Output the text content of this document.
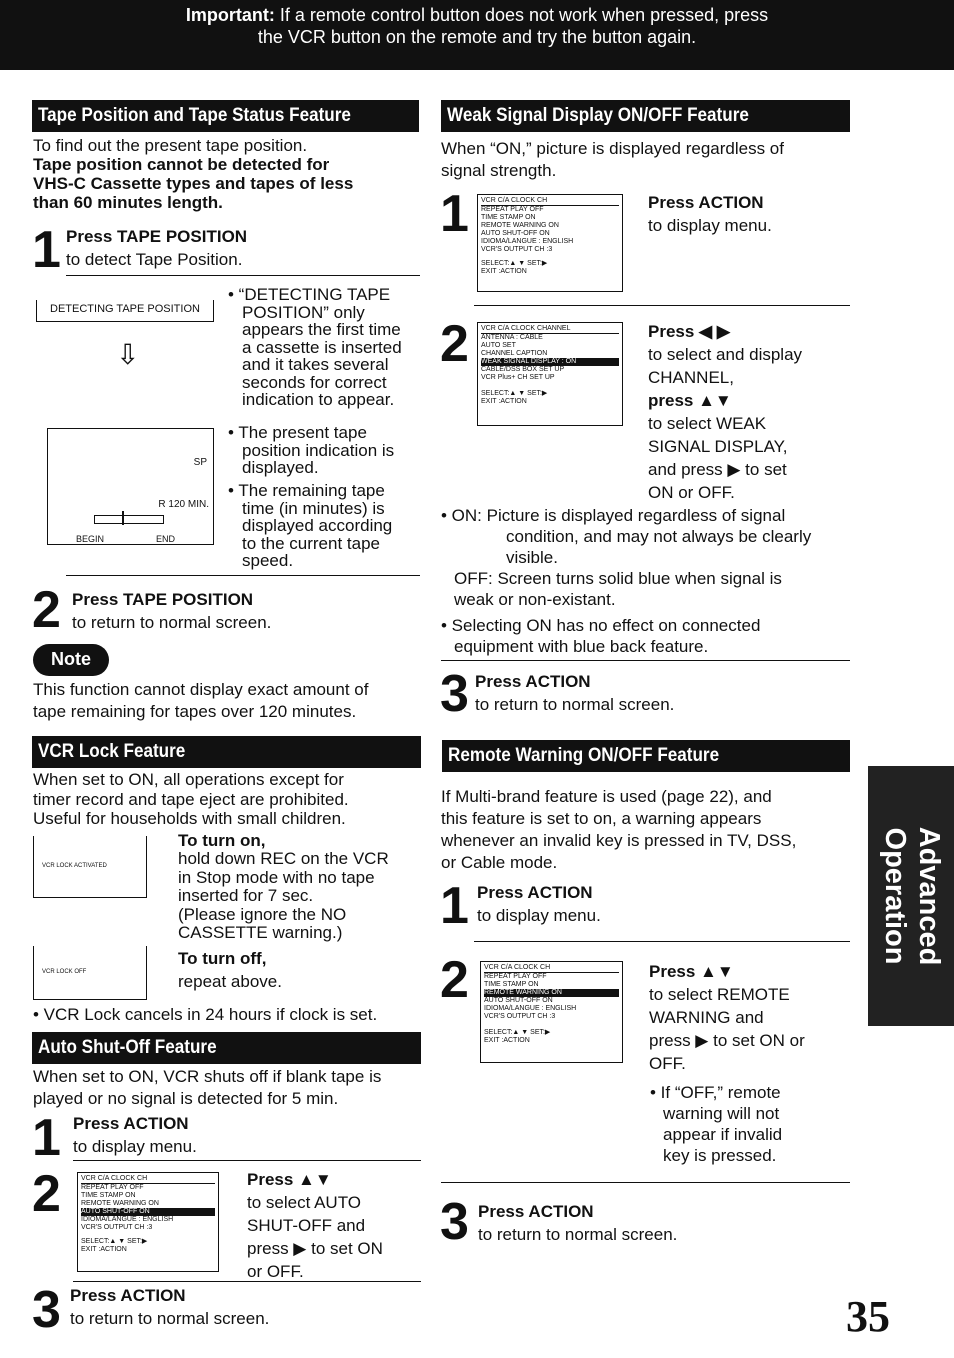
Important: If a remote control button does not work when pressed, press
the VCR button on the remote and try the button again.
Tape Position and Tape Status Feature
To find out the present tape position.
Tape position cannot be detected for
VHS-C Cassette types and tapes of less
than 60 minutes length.
1 Press TAPE POSITION
to detect Tape Position.
DETECTING TAPE POSITION
⇩
• “DETECTING TAPE
POSITION” only
appears the first time
a cassette is inserted
and it takes several
seconds for correct
indication to appear.
SP
R 120 MIN.
BEGIN	END
• The present tape
position indication is
displayed.
• The remaining tape
time (in minutes) is
displayed according
to the current tape
speed.
2 Press TAPE POSITION
to return to normal screen.
Note
This function cannot display exact amount of
tape remaining for tapes over 120 minutes.
VCR Lock Feature
When set to ON, all operations except for
timer record and tape eject are prohibited.
Useful for households with small children.
VCR LOCK ACTIVATED
VCR LOCK OFF
To turn on,
hold down REC on the VCR
in Stop mode with no tape
inserted for 7 sec.
(Please ignore the NO
CASSETTE warning.)
To turn off,
repeat above.
• VCR Lock cancels in 24 hours if clock is set.
Auto Shut-Off Feature
When set to ON, VCR shuts off if blank tape is
played or no signal is detected for 5 min.
1 Press ACTION
to display menu.
2	VCR C/A CLOCK CH
REPEAT PLAY OFF
TIME STAMP ON
REMOTE WARNING ON
AUTO SHUT-OFF ON
IDIOMA/LANGUE : ENGLISH
VCR'S OUTPUT CH :3
SELECT:▲ ▼ SET:▶
EXIT :ACTION
Press ▲▼
to select AUTO
SHUT-OFF and
press ▶ to set ON
or OFF.
3 Press ACTION
to return to normal screen.
Weak Signal Display ON/OFF Feature
When “ON,” picture is displayed regardless of
signal strength.
1 VCR C/A CLOCK CH
REPEAT PLAY OFF
TIME STAMP ON
REMOTE WARNING ON
AUTO SHUT-OFF ON
IDIOMA/LANGUE : ENGLISH
VCR'S OUTPUT CH :3
SELECT:▲ ▼ SET:▶
EXIT :ACTION
Press ACTION
to display menu.
2 VCR C/A CLOCK CHANNEL
ANTENNA : CABLE
AUTO SET
CHANNEL CAPTION
WEAK SIGNAL DISPLAY : ON
CABLE/DSS BOX SET UP
VCR Plus+ CH SET UP
SELECT:▲ ▼ SET:▶
EXIT :ACTION
Press ◀ ▶
to select and display
CHANNEL,
press ▲▼
to select WEAK
SIGNAL DISPLAY,
and press ▶ to set
ON or OFF.
• ON: Picture is displayed regardless of signal
condition, and may not always be clearly
visible.
OFF: Screen turns solid blue when signal is
weak or non-existant.
• Selecting ON has no effect on connected
equipment with blue back feature.
3 Press ACTION
to return to normal screen.
Remote Warning ON/OFF Feature
If Multi-brand feature is used (page 22), and
this feature is set to on, a warning appears
whenever an invalid key is pressed in TV, DSS,
or Cable mode.
1 Press ACTION
to display menu.
2 VCR C/A CLOCK CH
REPEAT PLAY OFF
TIME STAMP ON
REMOTE WARNING ON
AUTO SHUT-OFF ON
IDIOMA/LANGUE : ENGLISH
VCR'S OUTPUT CH :3
SELECT:▲ ▼ SET:▶
EXIT :ACTION
Press ▲▼
to select REMOTE
WARNING and
press ▶ to set ON or
OFF.
• If “OFF,” remote
warning will not
appear if invalid
key is pressed.
3 Press ACTION
to return to normal screen.
Advanced Operation
35
